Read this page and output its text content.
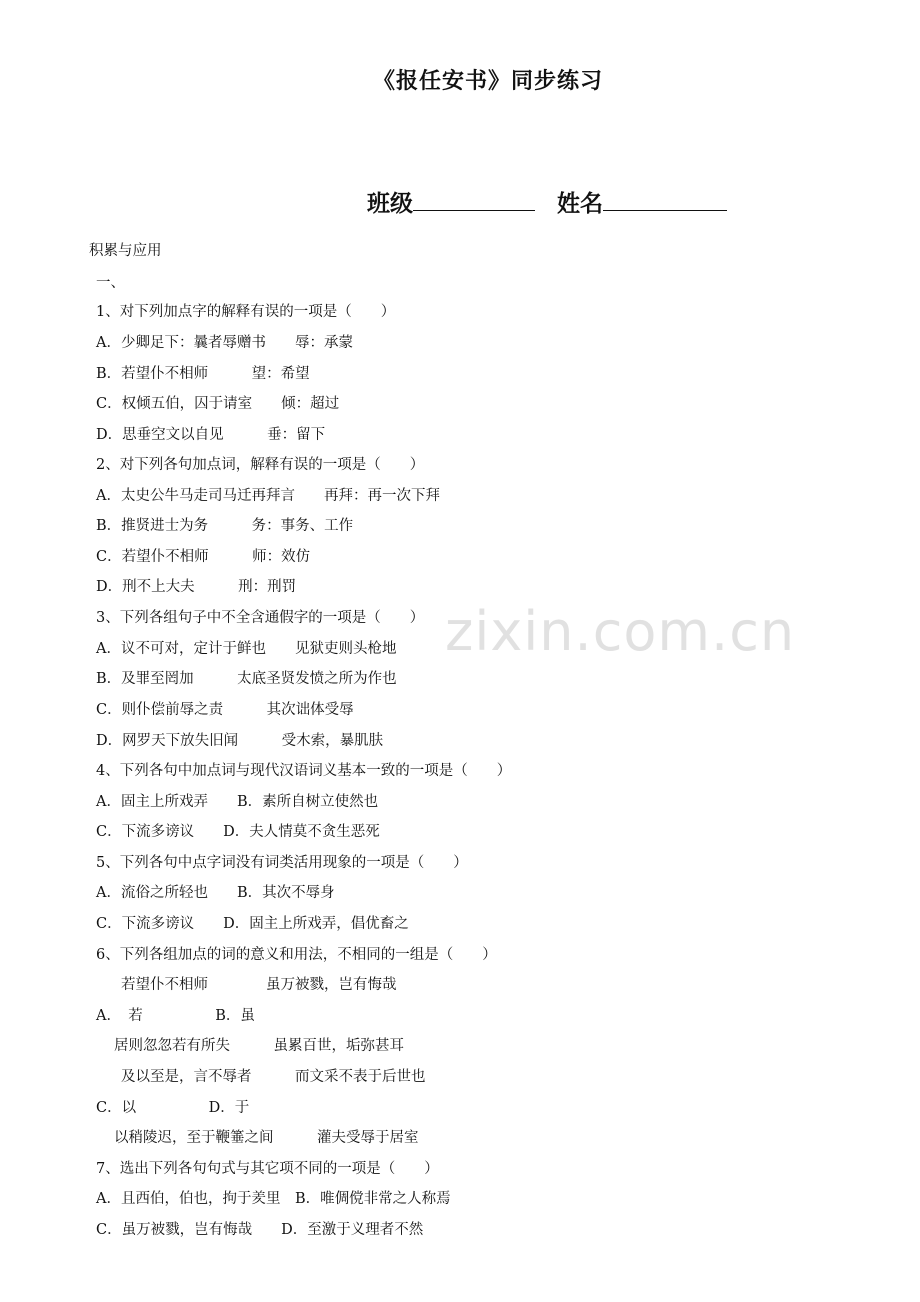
《报任安书》同步练习
班级	姓名
积累与应用
zixin.com.cn
一、
1、对下列加点字的解释有误的一项是（　　）
A．少卿足下：曩者辱赠书　　辱：承蒙
B．若望仆不相师　　　望：希望
C．权倾五伯，囚于请室　　倾：超过
D．思垂空文以自见　　　垂：留下
2、对下列各句加点词，解释有误的一项是（　　）
A．太史公牛马走司马迁再拜言　　再拜：再一次下拜
B．推贤进士为务　　　务：事务、工作
C．若望仆不相师　　　师：效仿
D．刑不上大夫　　　刑：刑罚
3、下列各组句子中不全含通假字的一项是（　　）
A．议不可对，定计于鲜也　　见狱吏则头枪地
B．及罪至罔加　　　太底圣贤发愤之所为作也
C．则仆偿前辱之责　　　其次诎体受辱
D．网罗天下放失旧闻　　　受木索，暴肌肤
4、下列各句中加点词与现代汉语词义基本一致的一项是（　　）
A．固主上所戏弄　　B．素所自树立使然也
C．下流多谤议　　D．夫人情莫不贪生恶死
5、下列各句中点字词没有词类活用现象的一项是（　　）
A．流俗之所轻也　　B．其次不辱身
C．下流多谤议　　D．固主上所戏弄，倡优畜之
6、下列各组加点的词的意义和用法，不相同的一组是（　　）
　　若望仆不相师　　　　虽万被戮，岂有悔哉
A．　若　　　　　B．虽
　　居则忽忽若有所失　　　虽累百世，垢弥甚耳
　　及以至是，言不辱者　　　而文采不表于后世也
C．以　　　　　D．于
　　以稍陵迟，至于鞭箠之间　　　灌夫受辱于居室
7、选出下列各句句式与其它项不同的一项是（　　）
A．且西伯，伯也，拘于羑里　B．唯倜傥非常之人称焉
C．虽万被戮，岂有悔哉　　D．至激于义理者不然
